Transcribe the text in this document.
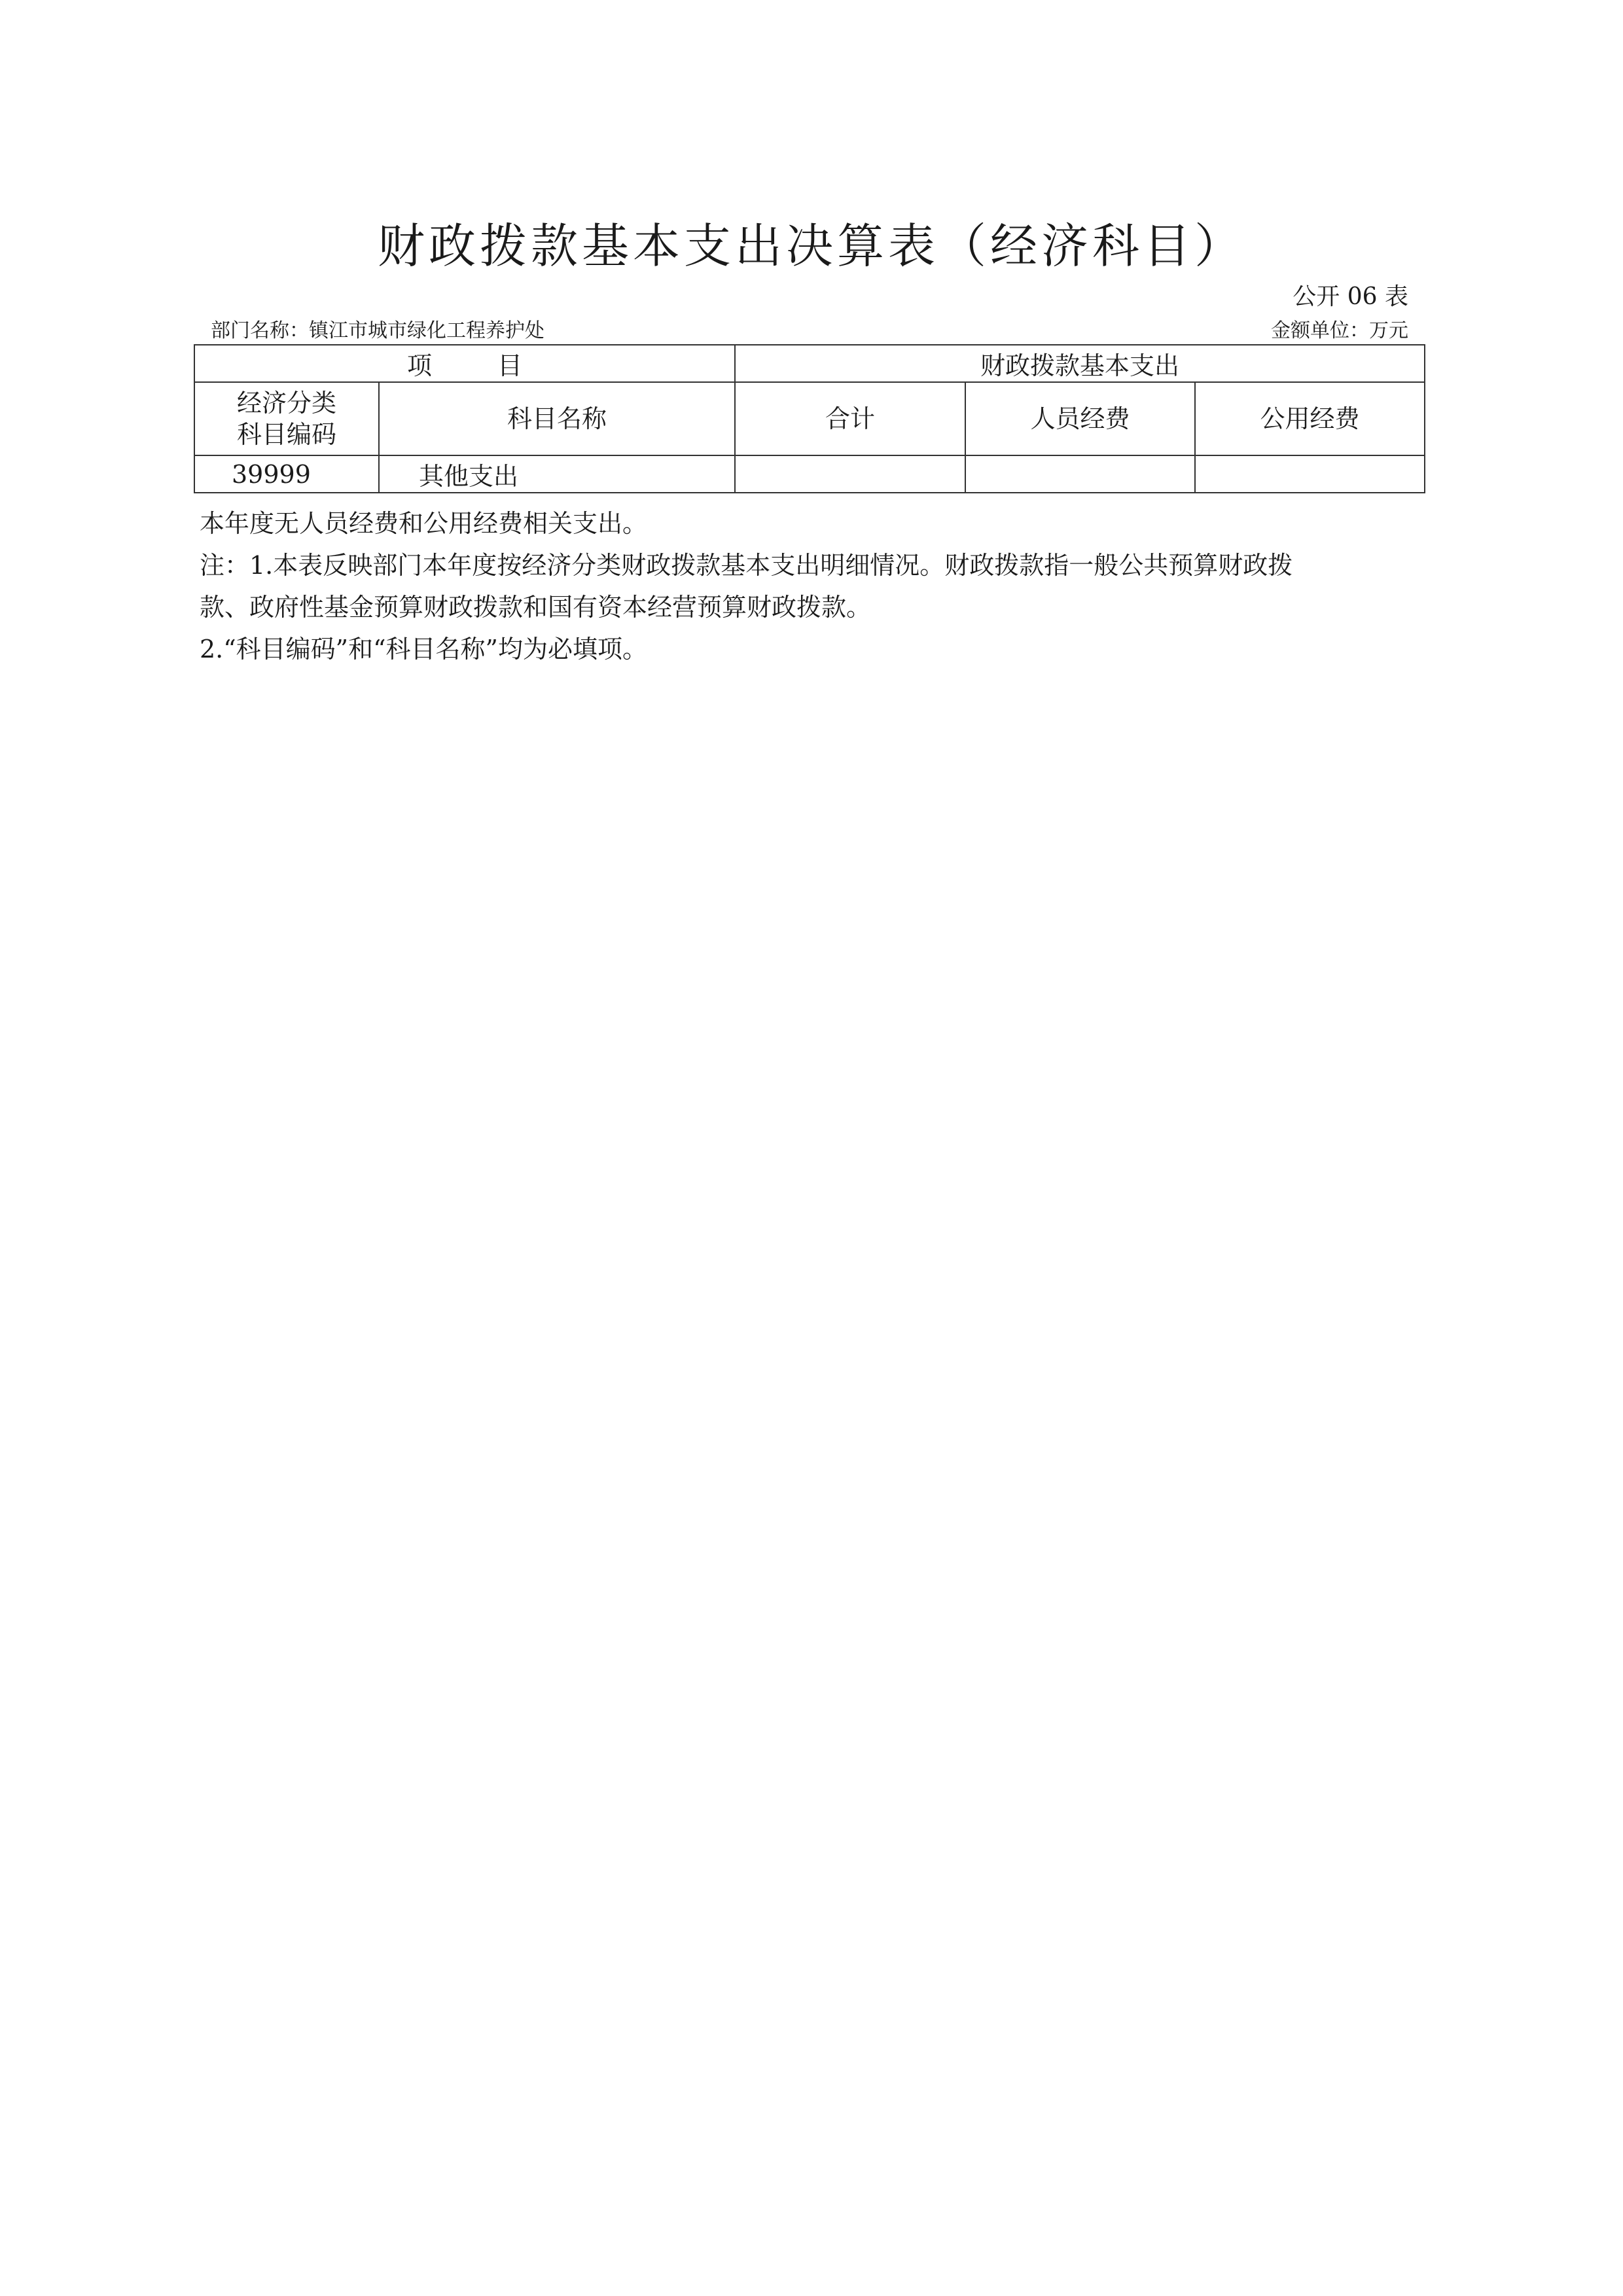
财政拨款基本支出决算表（经济科目）
公开 06 表
部门名称：镇江市城市绿化工程养护处	金额单位：万元
项 目		财政拨款基本支出		

经济分类
科目编码	科目名称	合计	人员经费	公用经费
39999	其他支出			

本年度无人员经费和公用经费相关支出。

注：1.本表反映部门本年度按经济分类财政拨款基本支出明细情况。财政拨款指一般公共预算财政拨

款、政府性基金预算财政拨款和国有资本经营预算财政拨款。

2.“科目编码”和“科目名称”均为必填项。
